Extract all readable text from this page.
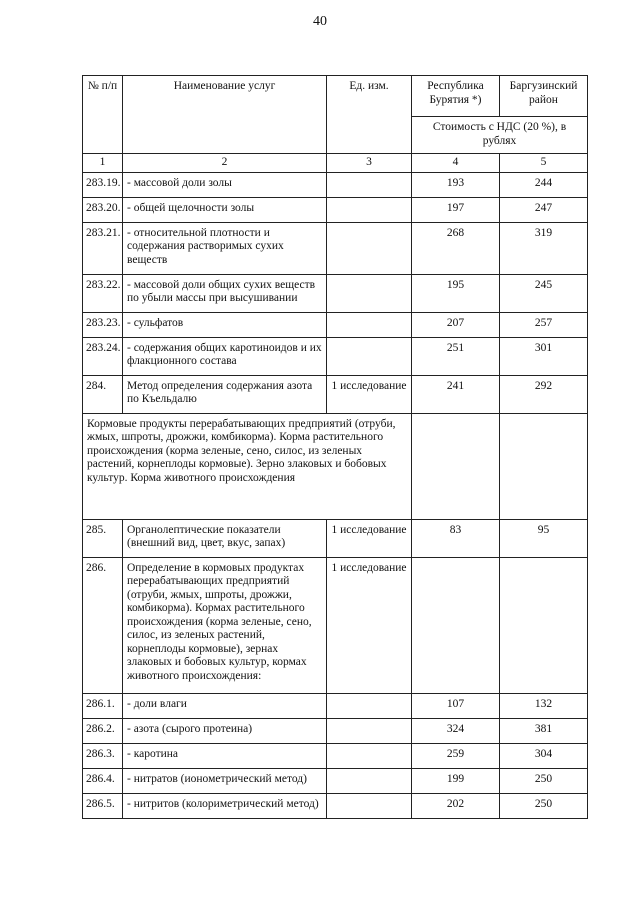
40
№ п/п	Наименование услуг	Ед. изм.	Республика Бурятия *)	Баргузинский район
			Стоимость с НДС (20 %), в рублях	
1	2	3	4	5
283.19.	- массовой доли золы		193	244
283.20.	- общей щелочности золы		197	247
283.21.	- относительной плотности и содержания растворимых сухих веществ		268	319
283.22.	- массовой доли общих сухих веществ по убыли массы при высушивании		195	245
283.23.	- сульфатов		207	257
283.24.	- содержания общих каротиноидов и их флакционного состава		251	301
284.	Метод определения содержания азота по Къельдалю	1 исследование	241	292
Кормовые продукты перерабатывающих предприятий (отруби, жмых, шпроты, дрожжи, комбикорма). Корма растительного происхождения (корма зеленые, сено, силос, из зеленых растений, корнеплоды кормовые). Зерно злаковых и бобовых культур. Корма животного происхождения				
285.	Органолептические показатели (внешний вид, цвет, вкус, запах)	1 исследование	83	95
286.	Определение в кормовых продуктах перерабатывающих предприятий (отруби, жмых, шпроты, дрожжи, комбикорма). Кормах растительного происхождения (корма зеленые, сено, силос, из зеленых растений, корнеплоды кормовые), зернах злаковых и бобовых культур, кормах животного происхождения:	1 исследование		
286.1.	- доли влаги		107	132
286.2.	- азота (сырого протеина)		324	381
286.3.	- каротина		259	304
286.4.	- нитратов (ионометрический метод)		199	250
286.5.	- нитритов (колориметрический метод)		202	250
